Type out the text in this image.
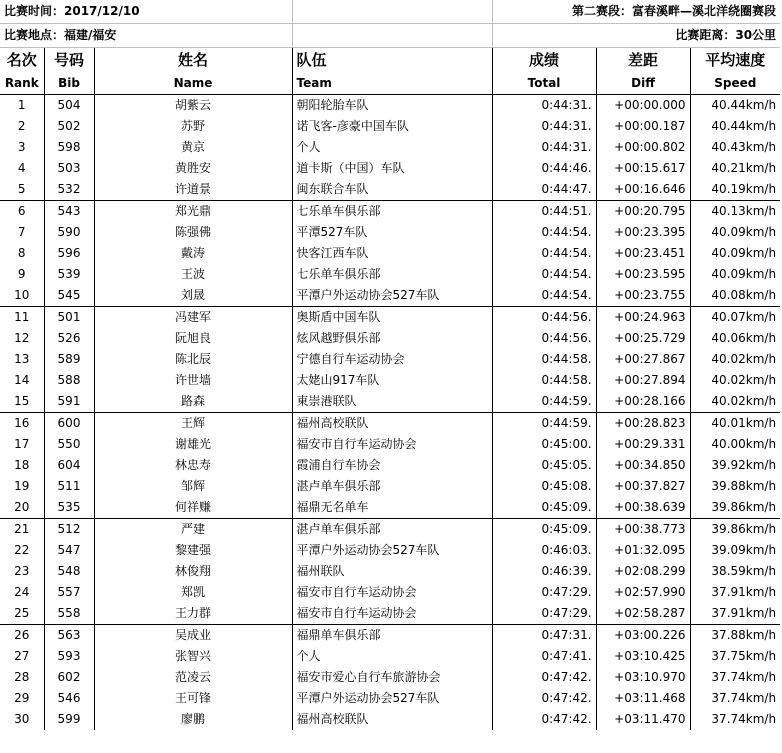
比赛时间：2017/12/10				第二赛段：富春溪畔—溪北洋绕圈赛段		
比赛地点：福建/福安				比赛距离：30公里		
名次	号码	姓名	队伍	成绩	差距	平均速度
Rank	Bib	Name	Team	Total	Diff	Speed
1	504	胡紫云	朝阳轮胎车队	0:44:31.	+00:00.000	40.44km/h
2	502	苏野	诺飞客-彦豪中国车队	0:44:31.	+00:00.187	40.44km/h
3	598	黄京	个人	0:44:31.	+00:00.802	40.43km/h
4	503	黄胜安	道卡斯（中国）车队	0:44:46.	+00:15.617	40.21km/h
5	532	许道景	闽东联合车队	0:44:47.	+00:16.646	40.19km/h
6	543	郑光鼎	七乐单车俱乐部	0:44:51.	+00:20.795	40.13km/h
7	590	陈强佛	平潭527车队	0:44:54.	+00:23.395	40.09km/h
8	596	戴涛	快客江西车队	0:44:54.	+00:23.451	40.09km/h
9	539	王波	七乐单车俱乐部	0:44:54.	+00:23.595	40.09km/h
10	545	刘晟	平潭户外运动协会527车队	0:44:54.	+00:23.755	40.08km/h
11	501	冯建军	奥斯盾中国车队	0:44:56.	+00:24.963	40.07km/h
12	526	阮旭良	炫风越野俱乐部	0:44:56.	+00:25.729	40.06km/h
13	589	陈北辰	宁德自行车运动协会	0:44:58.	+00:27.867	40.02km/h
14	588	许世墙	太姥山917车队	0:44:58.	+00:27.894	40.02km/h
15	591	路森	東崇港联队	0:44:59.	+00:28.166	40.02km/h
16	600	王辉	福州高校联队	0:44:59.	+00:28.823	40.01km/h
17	550	谢雄光	福安市自行车运动协会	0:45:00.	+00:29.331	40.00km/h
18	604	林忠寿	霞浦自行车协会	0:45:05.	+00:34.850	39.92km/h
19	511	邹辉	湛卢单车俱乐部	0:45:08.	+00:37.827	39.88km/h
20	535	何祥赚	福鼎无名单车	0:45:09.	+00:38.639	39.86km/h
21	512	严建	湛卢单车俱乐部	0:45:09.	+00:38.773	39.86km/h
22	547	黎建强	平潭户外运动协会527车队	0:46:03.	+01:32.095	39.09km/h
23	548	林俊翔	福州联队	0:46:39.	+02:08.299	38.59km/h
24	557	郑凯	福安市自行车运动协会	0:47:29.	+02:57.990	37.91km/h
25	558	王力群	福安市自行车运动协会	0:47:29.	+02:58.287	37.91km/h
26	563	吴成业	福鼎单车俱乐部	0:47:31.	+03:00.226	37.88km/h
27	593	张智兴	个人	0:47:41.	+03:10.425	37.75km/h
28	602	范凌云	福安市爱心自行车旅游协会	0:47:42.	+03:10.970	37.74km/h
29	546	王可锋	平潭户外运动协会527车队	0:47:42.	+03:11.468	37.74km/h
30	599	廖鹏	福州高校联队	0:47:42.	+03:11.470	37.74km/h
